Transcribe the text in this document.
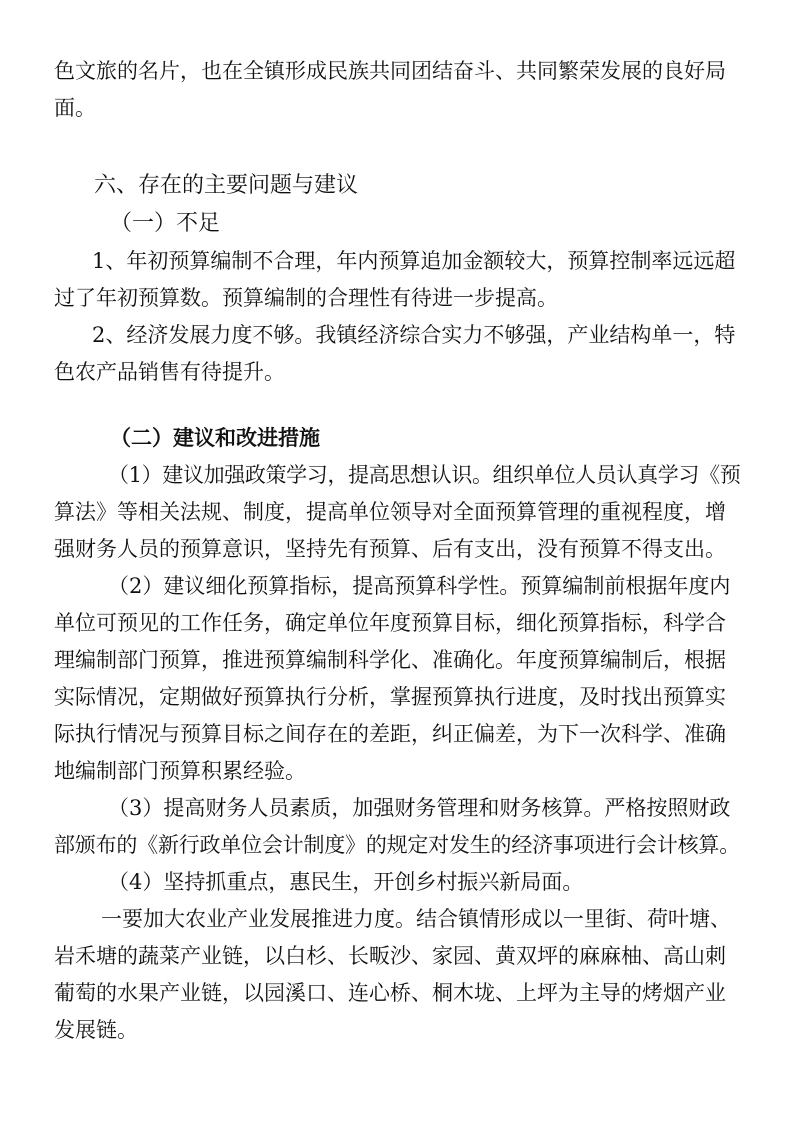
色文旅的名片，也在全镇形成民族共同团结奋斗、共同繁荣发展的良好局
面。
六、存在的主要问题与建议
（一）不足
1、年初预算编制不合理，年内预算追加金额较大，预算控制率远远超
过了年初预算数。预算编制的合理性有待进一步提高。
2、经济发展力度不够。我镇经济综合实力不够强，产业结构单一，特
色农产品销售有待提升。
（二）建议和改进措施
（1）建议加强政策学习，提高思想认识。组织单位人员认真学习《预
算法》等相关法规、制度，提高单位领导对全面预算管理的重视程度，增
强财务人员的预算意识，坚持先有预算、后有支出，没有预算不得支出。
（2）建议细化预算指标，提高预算科学性。预算编制前根据年度内
单位可预见的工作任务，确定单位年度预算目标，细化预算指标，科学合
理编制部门预算，推进预算编制科学化、准确化。年度预算编制后，根据
实际情况，定期做好预算执行分析，掌握预算执行进度，及时找出预算实
际执行情况与预算目标之间存在的差距，纠正偏差，为下一次科学、准确
地编制部门预算积累经验。
（3）提高财务人员素质，加强财务管理和财务核算。严格按照财政
部颁布的《新行政单位会计制度》的规定对发生的经济事项进行会计核算。
（4）坚持抓重点，惠民生，开创乡村振兴新局面。
一要加大农业产业发展推进力度。结合镇情形成以一里街、荷叶塘、
岩禾塘的蔬菜产业链，以白杉、长畈沙、家园、黄双坪的麻麻柚、高山刺
葡萄的水果产业链，以园溪口、连心桥、桐木垅、上坪为主导的烤烟产业
发展链。
